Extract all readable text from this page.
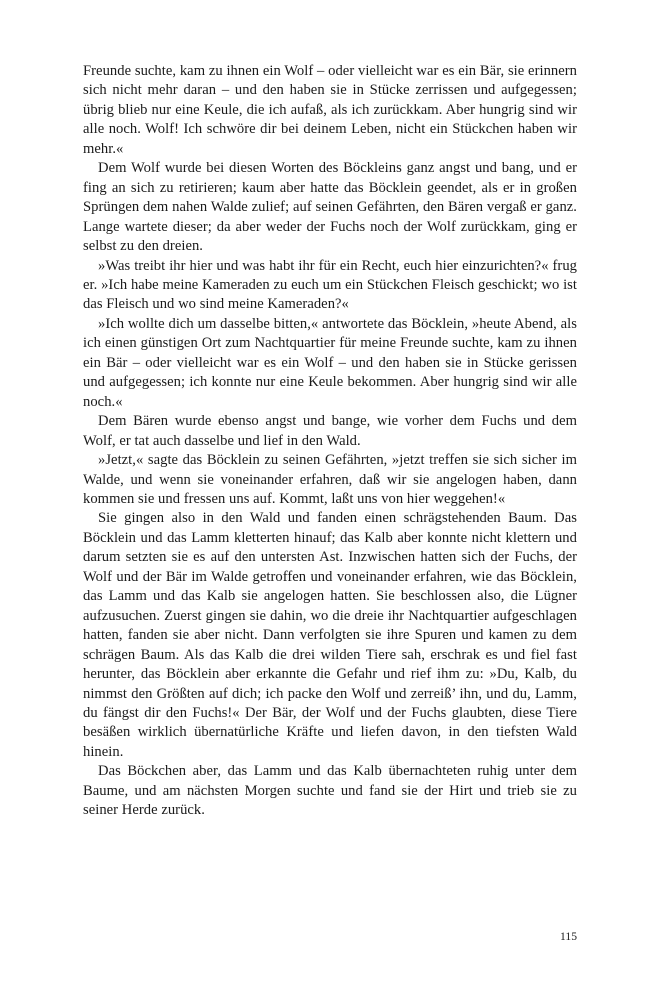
Freunde suchte, kam zu ihnen ein Wolf – oder vielleicht war es ein Bär, sie erinnern sich nicht mehr daran – und den haben sie in Stücke zerrissen und aufgegessen; übrig blieb nur eine Keule, die ich aufaß, als ich zurückkam. Aber hungrig sind wir alle noch. Wolf! Ich schwöre dir bei deinem Leben, nicht ein Stückchen haben wir mehr.«

Dem Wolf wurde bei diesen Worten des Böckleins ganz angst und bang, und er fing an sich zu retirieren; kaum aber hatte das Böcklein geendet, als er in großen Sprüngen dem nahen Walde zulief; auf seinen Gefährten, den Bären vergaß er ganz. Lange wartete dieser; da aber weder der Fuchs noch der Wolf zurückkam, ging er selbst zu den dreien.

»Was treibt ihr hier und was habt ihr für ein Recht, euch hier einzurichten?« frug er. »Ich habe meine Kameraden zu euch um ein Stückchen Fleisch geschickt; wo ist das Fleisch und wo sind meine Kameraden?«

»Ich wollte dich um dasselbe bitten,« antwortete das Böcklein, »heute Abend, als ich einen günstigen Ort zum Nachtquartier für meine Freunde suchte, kam zu ihnen ein Bär – oder vielleicht war es ein Wolf – und den haben sie in Stücke gerissen und aufgegessen; ich konnte nur eine Keule bekommen. Aber hungrig sind wir alle noch.«

Dem Bären wurde ebenso angst und bange, wie vorher dem Fuchs und dem Wolf, er tat auch dasselbe und lief in den Wald.

»Jetzt,« sagte das Böcklein zu seinen Gefährten, »jetzt treffen sie sich sicher im Walde, und wenn sie voneinander erfahren, daß wir sie angelogen haben, dann kommen sie und fressen uns auf. Kommt, laßt uns von hier weggehen!«

Sie gingen also in den Wald und fanden einen schrägstehenden Baum. Das Böcklein und das Lamm kletterten hinauf; das Kalb aber konnte nicht klettern und darum setzten sie es auf den untersten Ast. Inzwischen hatten sich der Fuchs, der Wolf und der Bär im Walde getroffen und voneinander erfahren, wie das Böcklein, das Lamm und das Kalb sie angelogen hatten. Sie beschlossen also, die Lügner aufzusuchen. Zuerst gingen sie dahin, wo die dreie ihr Nachtquartier aufgeschlagen hatten, fanden sie aber nicht. Dann verfolgten sie ihre Spuren und kamen zu dem schrägen Baum. Als das Kalb die drei wilden Tiere sah, erschrak es und fiel fast herunter, das Böcklein aber erkannte die Gefahr und rief ihm zu: »Du, Kalb, du nimmst den Größten auf dich; ich packe den Wolf und zerreiß’ ihn, und du, Lamm, du fängst dir den Fuchs!« Der Bär, der Wolf und der Fuchs glaubten, diese Tiere besäßen wirklich übernatürliche Kräfte und liefen davon, in den tiefsten Wald hinein.

Das Böckchen aber, das Lamm und das Kalb übernachteten ruhig unter dem Baume, und am nächsten Morgen suchte und fand sie der Hirt und trieb sie zu seiner Herde zurück.

115
